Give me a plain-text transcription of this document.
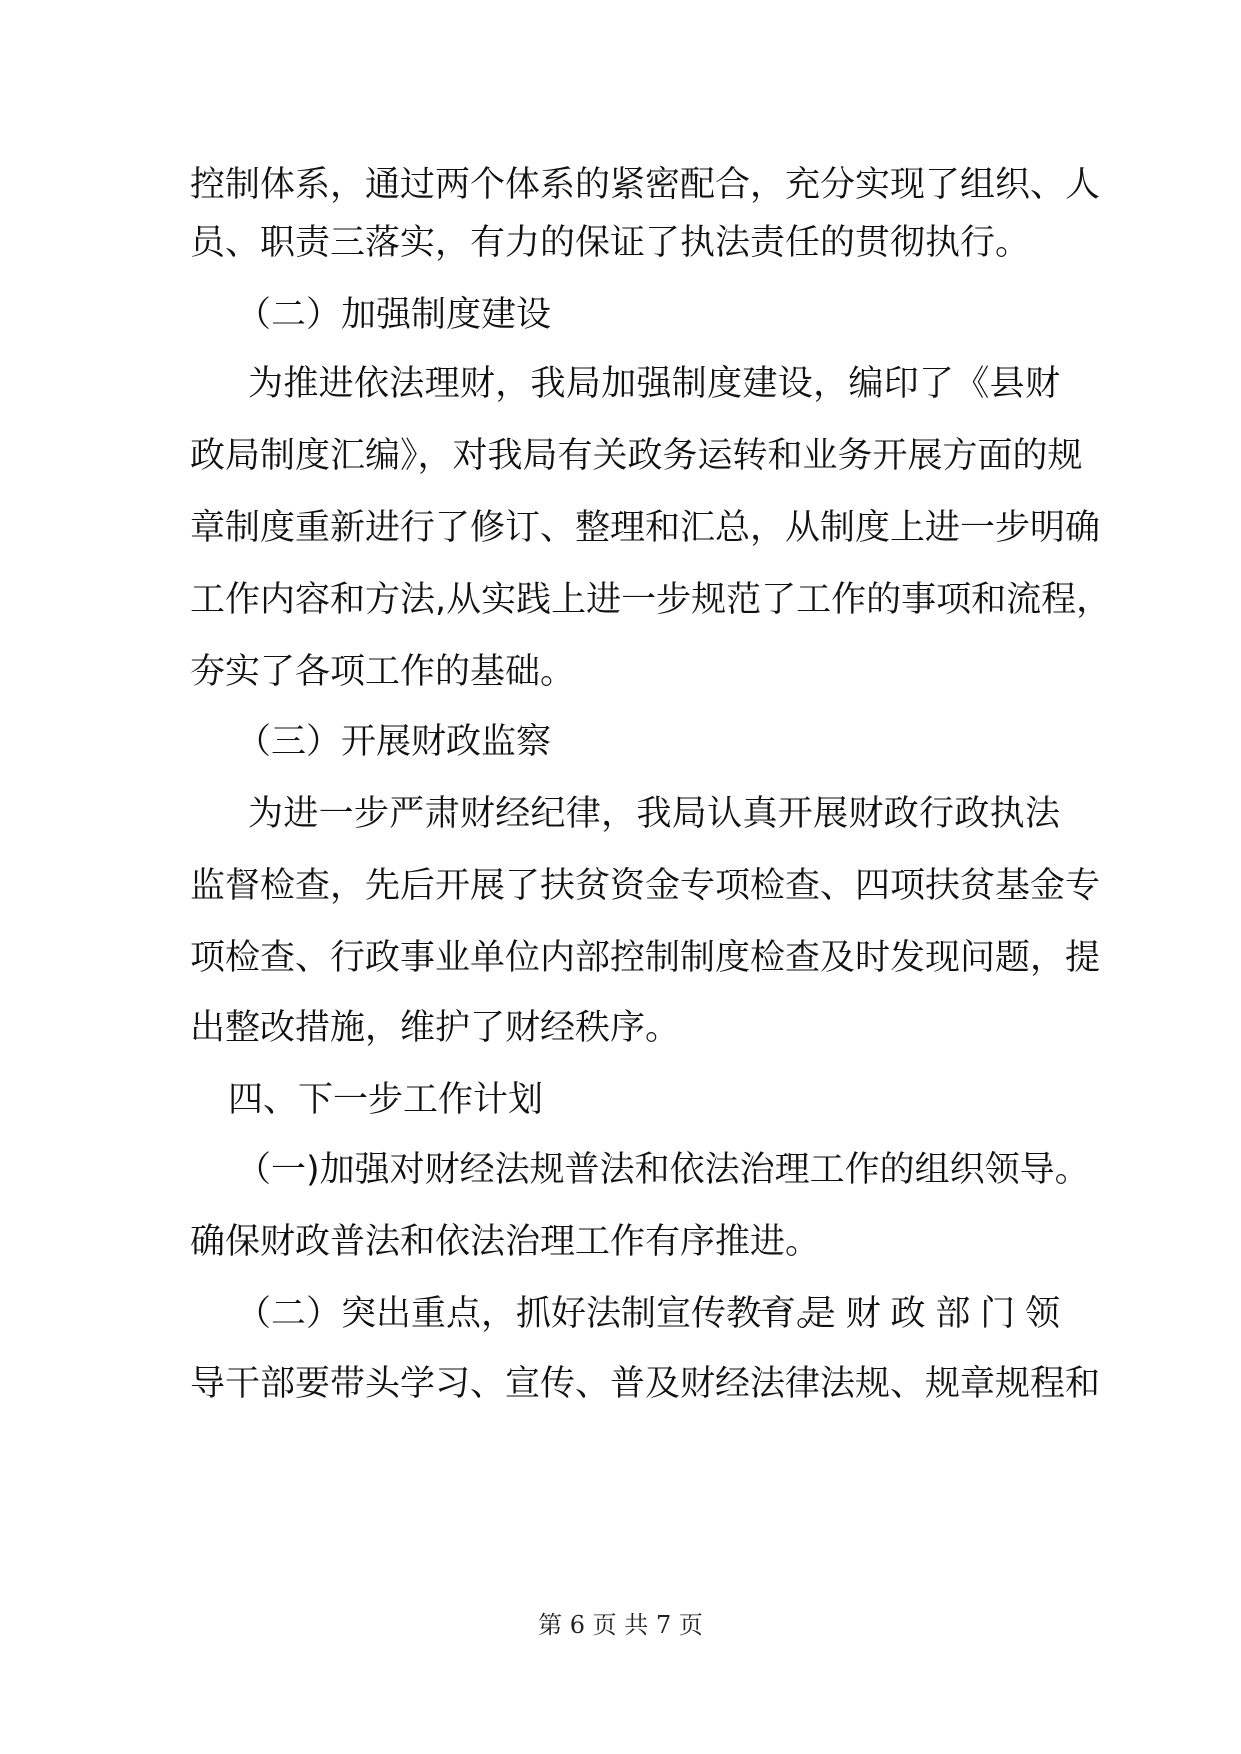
控制体系，通过两个体系的紧密配合，充分实现了组织、人
员、职责三落实，有力的保证了执法责任的贯彻执行。
（二）加强制度建设
为推进依法理财，我局加强制度建设，编印了《县财
政局制度汇编》，对我局有关政务运转和业务开展方面的规
章制度重新进行了修订、整理和汇总，从制度上进一步明确
工作内容和方法,从实践上进一步规范了工作的事项和流程，
夯实了各项工作的基础。
（三）开展财政监察
为进一步严肃财经纪律，我局认真开展财政行政执法
监督检查，先后开展了扶贫资金专项检查、四项扶贫基金专
项检查、行政事业单位内部控制制度检查及时发现问题，提
出整改措施，维护了财经秩序。
四、下一步工作计划
（一)加强对财经法规普法和依法治理工作的组织领导。
确保财政普法和依法治理工作有序推进。
（二）突出重点，抓好法制宣传教育。
一是财政部门领
导干部要带头学习、宣传、普及财经法律法规、规章规程和
第 6 页 共 7 页
